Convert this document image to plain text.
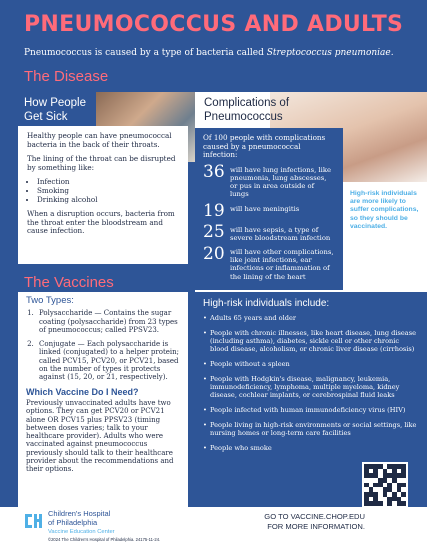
PNEUMOCOCCUS AND ADULTS
Pneumococcus is caused by a type of bacteria called Streptococcus pneumoniae.
The Disease
How People Get Sick

Healthy people can have pneumococcal bacteria in the back of their throats.

The lining of the throat can be disrupted by something like:

• Infection
• Smoking
• Drinking alcohol

When a disruption occurs, bacteria from the throat enter the bloodstream and cause infection.

Complications of Pneumococcus
Of 100 people with complications caused by a pneumococcal infection:
36 will have lung infections, like pneumonia, lung abscesses, or pus in area outside of lungs
19 will have meningitis
25 will have sepsis, a type of severe bloodstream infection
20 will have other complications, like joint infections, ear infections or inflammation of the lining of the heart
High-risk individuals are more likely to suffer complications, so they should be vaccinated.
The Vaccines
Two Types:
1. Polysaccharide — Contains the sugar coating (polysaccharide) from 23 types of pneumococcus; called PPSV23.
2. Conjugate — Each polysaccharide is linked (conjugated) to a helper protein; called PCV15, PCV20, or PCV21, based on the number of types it protects against (15, 20, or 21, respectively).
Which Vaccine Do I Need?
Previously unvaccinated adults have two options. They can get PCV20 or PCV21 alone OR PCV15 plus PPSV23 (timing between doses varies; talk to your healthcare provider). Adults who were vaccinated against pneumococcus previously should talk to their healthcare provider about the recommendations and their options.
High-risk individuals include:
• Adults 65 years and older
• People with chronic illnesses, like heart disease, lung disease (including asthma), diabetes, sickle cell or other chronic blood disease, alcoholism, or chronic liver disease (cirrhosis)
• People without a spleen
• People with Hodgkin's disease, malignancy, leukemia, immunodeficiency, lymphoma, multiple myeloma, kidney disease, cochlear implants, or cerebrospinal fluid leaks
• People infected with human immunodeficiency virus (HIV)
• People living in high-risk environments or social settings, like nursing homes or long-term care facilities
• People who smoke
Children's Hospital
of Philadelphia
Vaccine Education Center
©2024 The Children's Hospital of Philadelphia. 24175-11-24.
GO TO VACCINE.CHOP.EDU
FOR MORE INFORMATION.
